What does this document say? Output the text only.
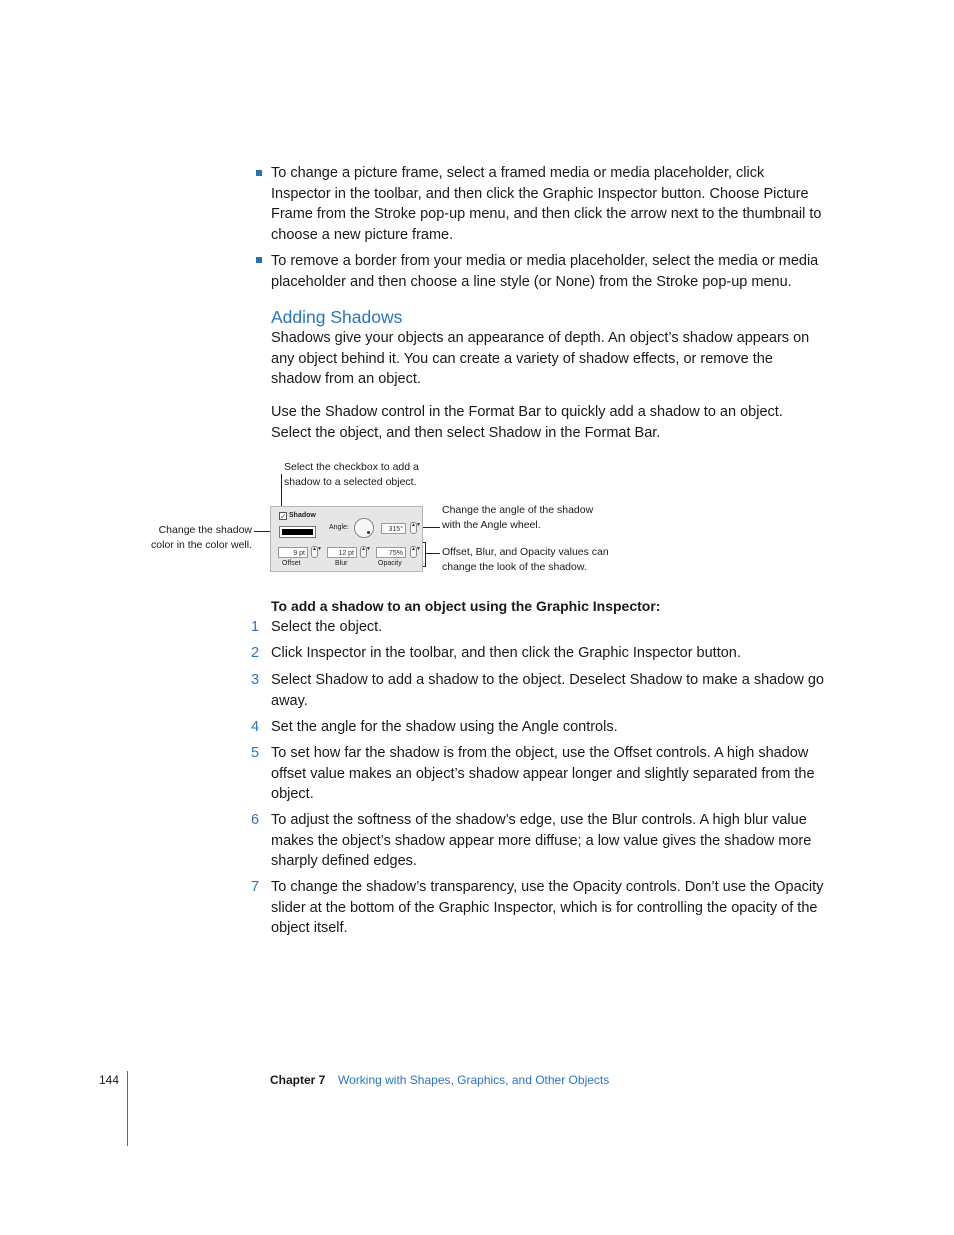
To change a picture frame, select a framed media or media placeholder, click Inspector in the toolbar, and then click the Graphic Inspector button. Choose Picture Frame from the Stroke pop-up menu, and then click the arrow next to the thumbnail to choose a new picture frame.
To remove a border from your media or media placeholder, select the media or media placeholder and then choose a line style (or None) from the Stroke pop-up menu.
Adding Shadows
Shadows give your objects an appearance of depth. An object’s shadow appears on any object behind it. You can create a variety of shadow effects, or remove the shadow from an object.
Use the Shadow control in the Format Bar to quickly add a shadow to an object. Select the object, and then select Shadow in the Format Bar.
Select the checkbox to add a shadow to a selected object.
Change the shadow color in the color well.
Change the angle of the shadow with the Angle wheel.
Offset, Blur, and Opacity values can change the look of the shadow.
✓ Shadow
Angle:	315°
▲▼
9 pt
▲▼
12 pt
▲▼
75%
▲▼
Offset	Blur	Opacity
To add a shadow to an object using the Graphic Inspector:
1 Select the object.
2 Click Inspector in the toolbar, and then click the Graphic Inspector button.
3 Select Shadow to add a shadow to the object. Deselect Shadow to make a shadow go away.
4 Set the angle for the shadow using the Angle controls.
5 To set how far the shadow is from the object, use the Offset controls. A high shadow offset value makes an object’s shadow appear longer and slightly separated from the object.
6 To adjust the softness of the shadow’s edge, use the Blur controls. A high blur value makes the object’s shadow appear more diffuse; a low value gives the shadow more sharply defined edges.
7 To change the shadow’s transparency, use the Opacity controls. Don’t use the Opacity slider at the bottom of the Graphic Inspector, which is for controlling the opacity of the object itself.
144	Chapter 7 Working with Shapes, Graphics, and Other Objects
